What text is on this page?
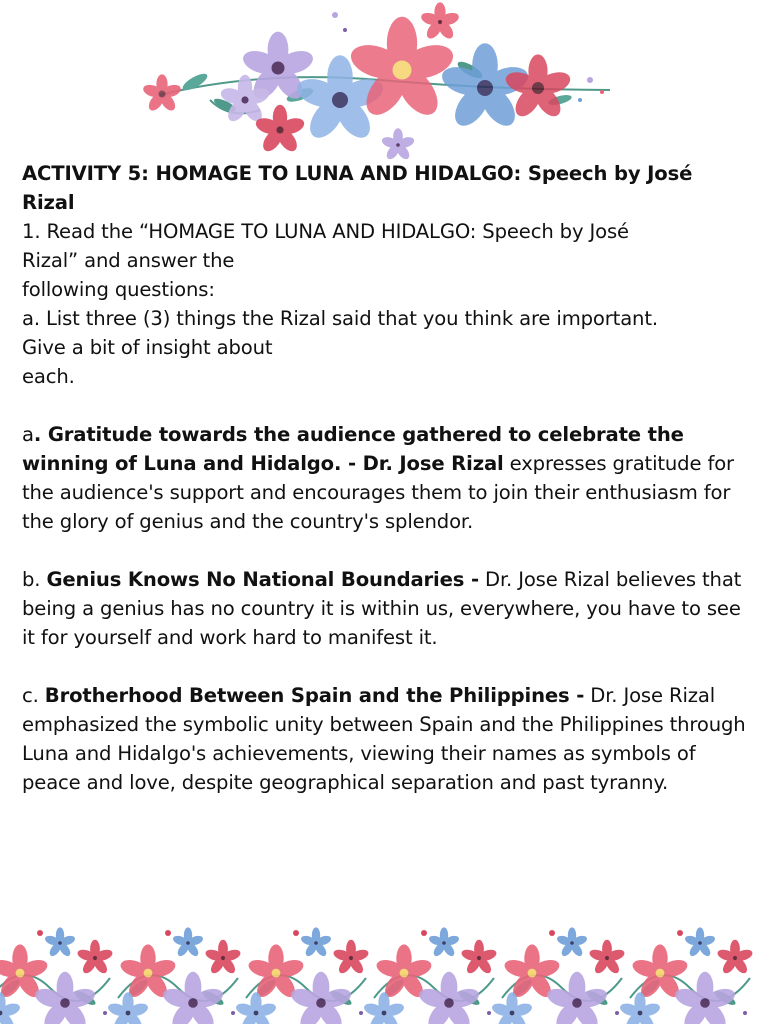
ACTIVITY 5: HOMAGE TO LUNA AND HIDALGO: Speech by José Rizal

1. Read the “HOMAGE TO LUNA AND HIDALGO: Speech by José

Rizal” and answer the

following questions:

a. List three (3) things the Rizal said that you think are important.

Give a bit of insight about

each.

a. Gratitude towards the audience gathered to celebrate the winning of Luna and Hidalgo. - Dr. Jose Rizal expresses gratitude for the audience's support and encourages them to join their enthusiasm for the glory of genius and the country's splendor.

b. Genius Knows No National Boundaries - Dr. Jose Rizal believes that being a genius has no country it is within us, everywhere, you have to see it for yourself and work hard to manifest it.

c. Brotherhood Between Spain and the Philippines - Dr. Jose Rizal emphasized the symbolic unity between Spain and the Philippines through Luna and Hidalgo's achievements, viewing their names as symbols of peace and love, despite geographical separation and past tyranny.
